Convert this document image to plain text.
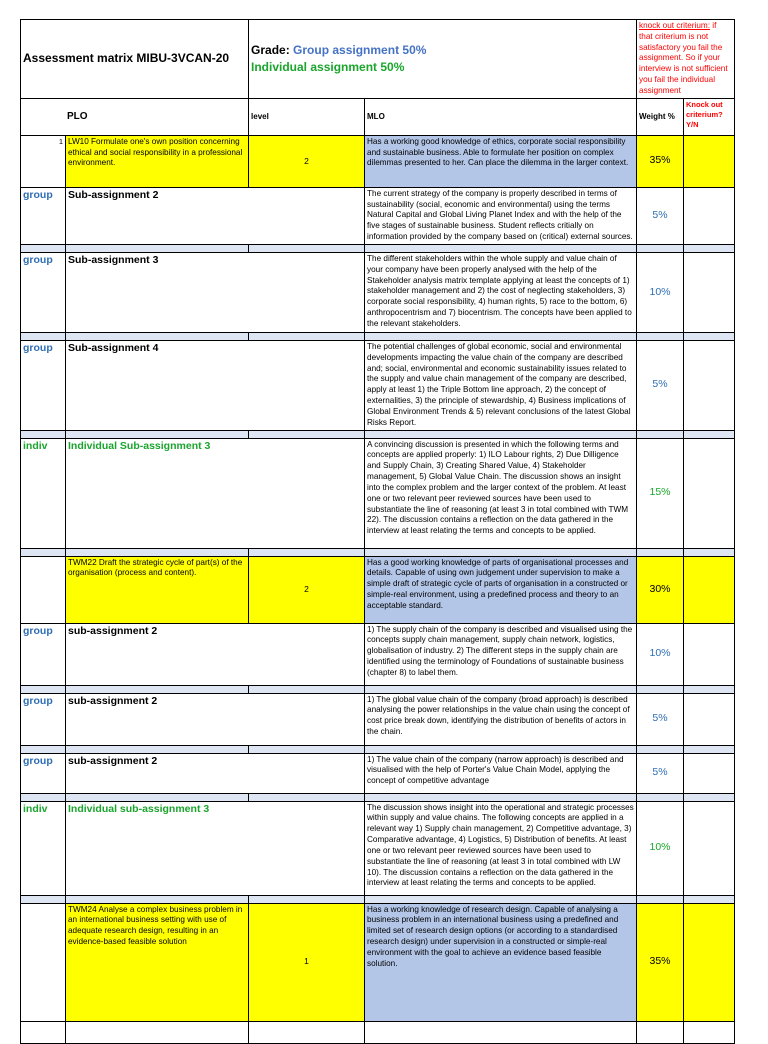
Assessment matrix MIBU-3VCAN-20		Grade: Group assignment 50%
Individual assignment 50%		knock out criterium: if that criterium is not satisfactory you fail the assignment. So if your interview is not sufficient you fail the individual assignment	
PLO		level	MLO	Weight %	Knock out criterium? Y/N
1	LW10 Formulate one's own position concerning ethical and social responsibility in a professional environment.	2	Has a working good knowledge of ethics, corporate social responsibility and sustainable business. Able to formulate her position on complex dilemmas presented to her. Can place the dilemma in the larger context.	35%	
group	Sub-assignment 2		The current strategy of the company is properly described in terms of sustainability (social, economic and environmental) using the terms Natural Capital and Global Living Planet Index and with the help of the five stages of sustainable business. Student reflects critially on information provided by the company based on (critical) external sources.	5%	

group	Sub-assignment 3		The different stakeholders within the whole supply and value chain of your company have been properly analysed with the help of the Stakeholder analysis matrix template applying at least the concepts of 1) stakeholder management and 2) the cost of neglecting stakeholders, 3) corporate social responsibility, 4) human rights, 5) race to the bottom, 6) anthropocentrism and 7) biocentrism. The concepts have been applied to the relevant stakeholders.	10%	

group	Sub-assignment 4		The potential challenges of global economic, social and environmental developments impacting the value chain of the company are described and; social, environmental and economic sustainability issues related to the supply and value chain management of the company are described, apply at least 1) the Triple Bottom line approach, 2) the concept of externalities, 3) the principle of stewardship, 4) Business implications of Global Environment Trends & 5) relevant conclusions of the latest Global Risks Report.	5%	

indiv	Individual Sub-assignment 3		A convincing discussion is presented in which the following terms and concepts are applied properly: 1) ILO Labour rights, 2) Due Dilligence and Supply Chain, 3) Creating Shared Value, 4) Stakeholder management, 5) Global Value Chain. The discussion shows an insight into the complex problem and the larger context of the problem. At least one or two relevant peer reviewed sources have been used to substantiate the line of reasoning (at least 3 in total combined with TWM 22). The discussion contains a reflection on the data gathered in the interview at least relating the terms and concepts to be applied.	15%	

	TWM22 Draft the strategic cycle of part(s) of the organisation (process and content).	2	Has a good working knowledge of parts of organisational processes and details. Capable of using own judgement under supervision to make a simple draft of strategic cycle of parts of organisation in a constructed or simple-real environment, using a predefined process and theory to an acceptable standard.	30%	
group	sub-assignment 2		1) The supply chain of the company is described and visualised using the concepts supply chain management, supply chain network, logistics, globalisation of industry. 2) The different steps in the supply chain are identified using the terminology of Foundations of sustainable business (chapter 8) to label them.	10%	

group	sub-assignment 2		1) The global value chain of the company (broad approach) is described analysing the power relationships in the value chain using the concept of cost price break down, identifying the distribution of benefits of actors in the chain.	5%	

group	sub-assignment 2		1) The value chain of the company (narrow approach) is described and visualised with the help of Porter's Value Chain Model, applying the concept of competitive advantage	5%	

indiv	Individual sub-assignment 3		The discussion shows insight into the operational and strategic processes within supply and value chains. The following concepts are applied in a relevant way 1) Supply chain management, 2) Competitive advantage, 3) Comparative advantage, 4) Logistics, 5) Distribution of benefits. At least one or two relevant peer reviewed sources have been used to substantiate the line of reasoning (at least 3 in total combined with LW 10). The discussion contains a reflection on the data gathered in the interview at least relating the terms and concepts to be applied.	10%	

	TWM24 Analyse a complex business problem in an international business setting with use of adequate research design, resulting in an evidence-based feasible solution	1	Has a working knowledge of research design. Capable of analysing a business problem in an international business using a predefined and limited set of research design options (or according to a standardised research design) under supervision in a constructed or simple-real environment with the goal to achieve an evidence based feasible solution.	35%	
